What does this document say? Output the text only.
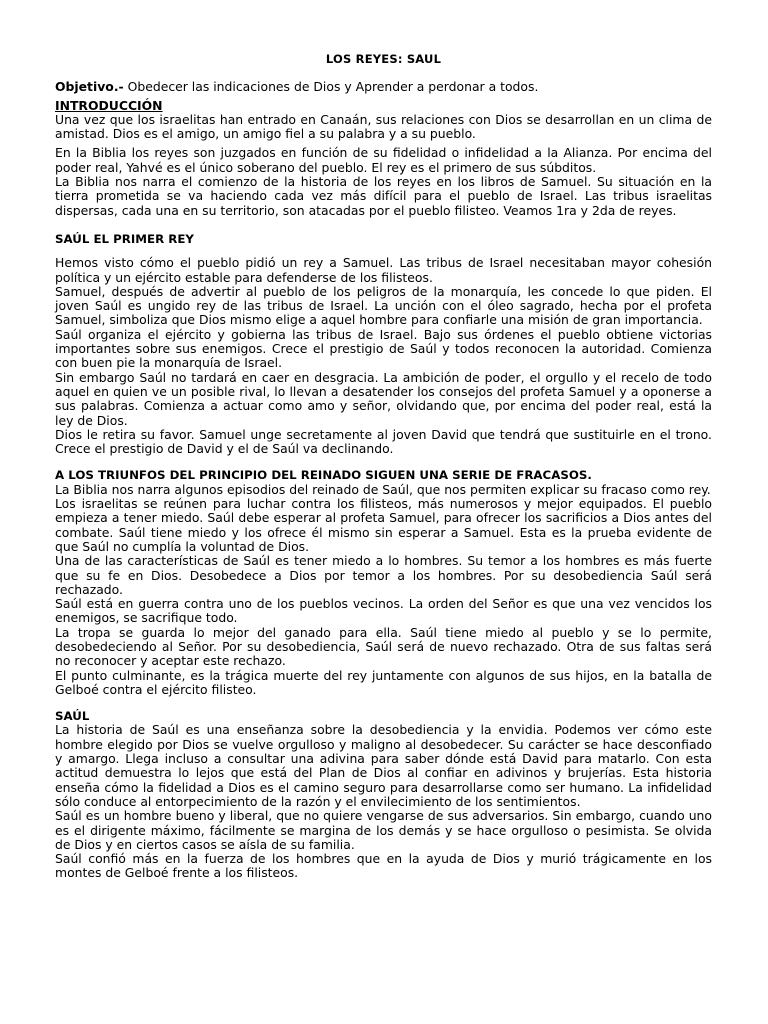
LOS REYES: SAUL
Objetivo.- Obedecer las indicaciones de Dios y Aprender a perdonar a todos.
INTRODUCCIÓN

Una vez que los israelitas han entrado en Canaán, sus relaciones con Dios se desarrollan en un clima de amistad. Dios es el amigo, un amigo fiel a su palabra y a su pueblo.

En la Biblia los reyes son juzgados en función de su fidelidad o infidelidad a la Alianza. Por encima del poder real, Yahvé es el único soberano del pueblo. El rey es el primero de sus súbditos.

La Biblia nos narra el comienzo de la historia de los reyes en los libros de Samuel. Su situación en la tierra prometida se va haciendo cada vez más difícil para el pueblo de Israel. Las tribus israelitas dispersas, cada una en su territorio, son atacadas por el pueblo filisteo. Veamos 1ra y 2da de reyes.

SAÚL EL PRIMER REY

Hemos visto cómo el pueblo pidió un rey a Samuel. Las tribus de Israel necesitaban mayor cohesión política y un ejército estable para defenderse de los filisteos.

Samuel, después de advertir al pueblo de los peligros de la monarquía, les concede lo que piden. El joven Saúl es ungido rey de las tribus de Israel. La unción con el óleo sagrado, hecha por el profeta Samuel, simboliza que Dios mismo elige a aquel hombre para confiarle una misión de gran importancia.

Saúl organiza el ejército y gobierna las tribus de Israel. Bajo sus órdenes el pueblo obtiene victorias importantes sobre sus enemigos. Crece el prestigio de Saúl y todos reconocen la autoridad. Comienza con buen pie la monarquía de Israel.

Sin embargo Saúl no tardará en caer en desgracia. La ambición de poder, el orgullo y el recelo de todo aquel en quien ve un posible rival, lo llevan a desatender los consejos del profeta Samuel y a oponerse a sus palabras. Comienza a actuar como amo y señor, olvidando que, por encima del poder real, está la ley de Dios.

Dios le retira su favor. Samuel unge secretamente al joven David que tendrá que sustituirle en el trono. Crece el prestigio de David y el de Saúl va declinando.

A LOS TRIUNFOS DEL PRINCIPIO DEL REINADO SIGUEN UNA SERIE DE FRACASOS.

La Biblia nos narra algunos episodios del reinado de Saúl, que nos permiten explicar su fracaso como rey.

Los israelitas se reúnen para luchar contra los filisteos, más numerosos y mejor equipados. El pueblo empieza a tener miedo. Saúl debe esperar al profeta Samuel, para ofrecer los sacrificios a Dios antes del combate. Saúl tiene miedo y los ofrece él mismo sin esperar a Samuel. Esta es la prueba evidente de que Saúl no cumplía la voluntad de Dios.

Una de las características de Saúl es tener miedo a lo hombres. Su temor a los hombres es más fuerte que su fe en Dios. Desobedece a Dios por temor a los hombres. Por su desobediencia Saúl será rechazado.

Saúl está en guerra contra uno de los pueblos vecinos. La orden del Señor es que una vez vencidos los enemigos, se sacrifique todo.

La tropa se guarda lo mejor del ganado para ella. Saúl tiene miedo al pueblo y se lo permite, desobedeciendo al Señor. Por su desobediencia, Saúl será de nuevo rechazado. Otra de sus faltas será no reconocer y aceptar este rechazo.

El punto culminante, es la trágica muerte del rey juntamente con algunos de sus hijos, en la batalla de Gelboé contra el ejército filisteo.

SAÚL

La historia de Saúl es una enseñanza sobre la desobediencia y la envidia. Podemos ver cómo este hombre elegido por Dios se vuelve orgulloso y maligno al desobedecer. Su carácter se hace desconfiado y amargo. Llega incluso a consultar una adivina para saber dónde está David para matarlo. Con esta actitud demuestra lo lejos que está del Plan de Dios al confiar en adivinos y brujerías. Esta historia enseña cómo la fidelidad a Dios es el camino seguro para desarrollarse como ser humano. La infidelidad sólo conduce al entorpecimiento de la razón y el envilecimiento de los sentimientos.

Saúl es un hombre bueno y liberal, que no quiere vengarse de sus adversarios. Sin embargo, cuando uno es el dirigente máximo, fácilmente se margina de los demás y se hace orgulloso o pesimista. Se olvida de Dios y en ciertos casos se aísla de su familia.

Saúl confió más en la fuerza de los hombres que en la ayuda de Dios y murió trágicamente en los montes de Gelboé frente a los filisteos.
